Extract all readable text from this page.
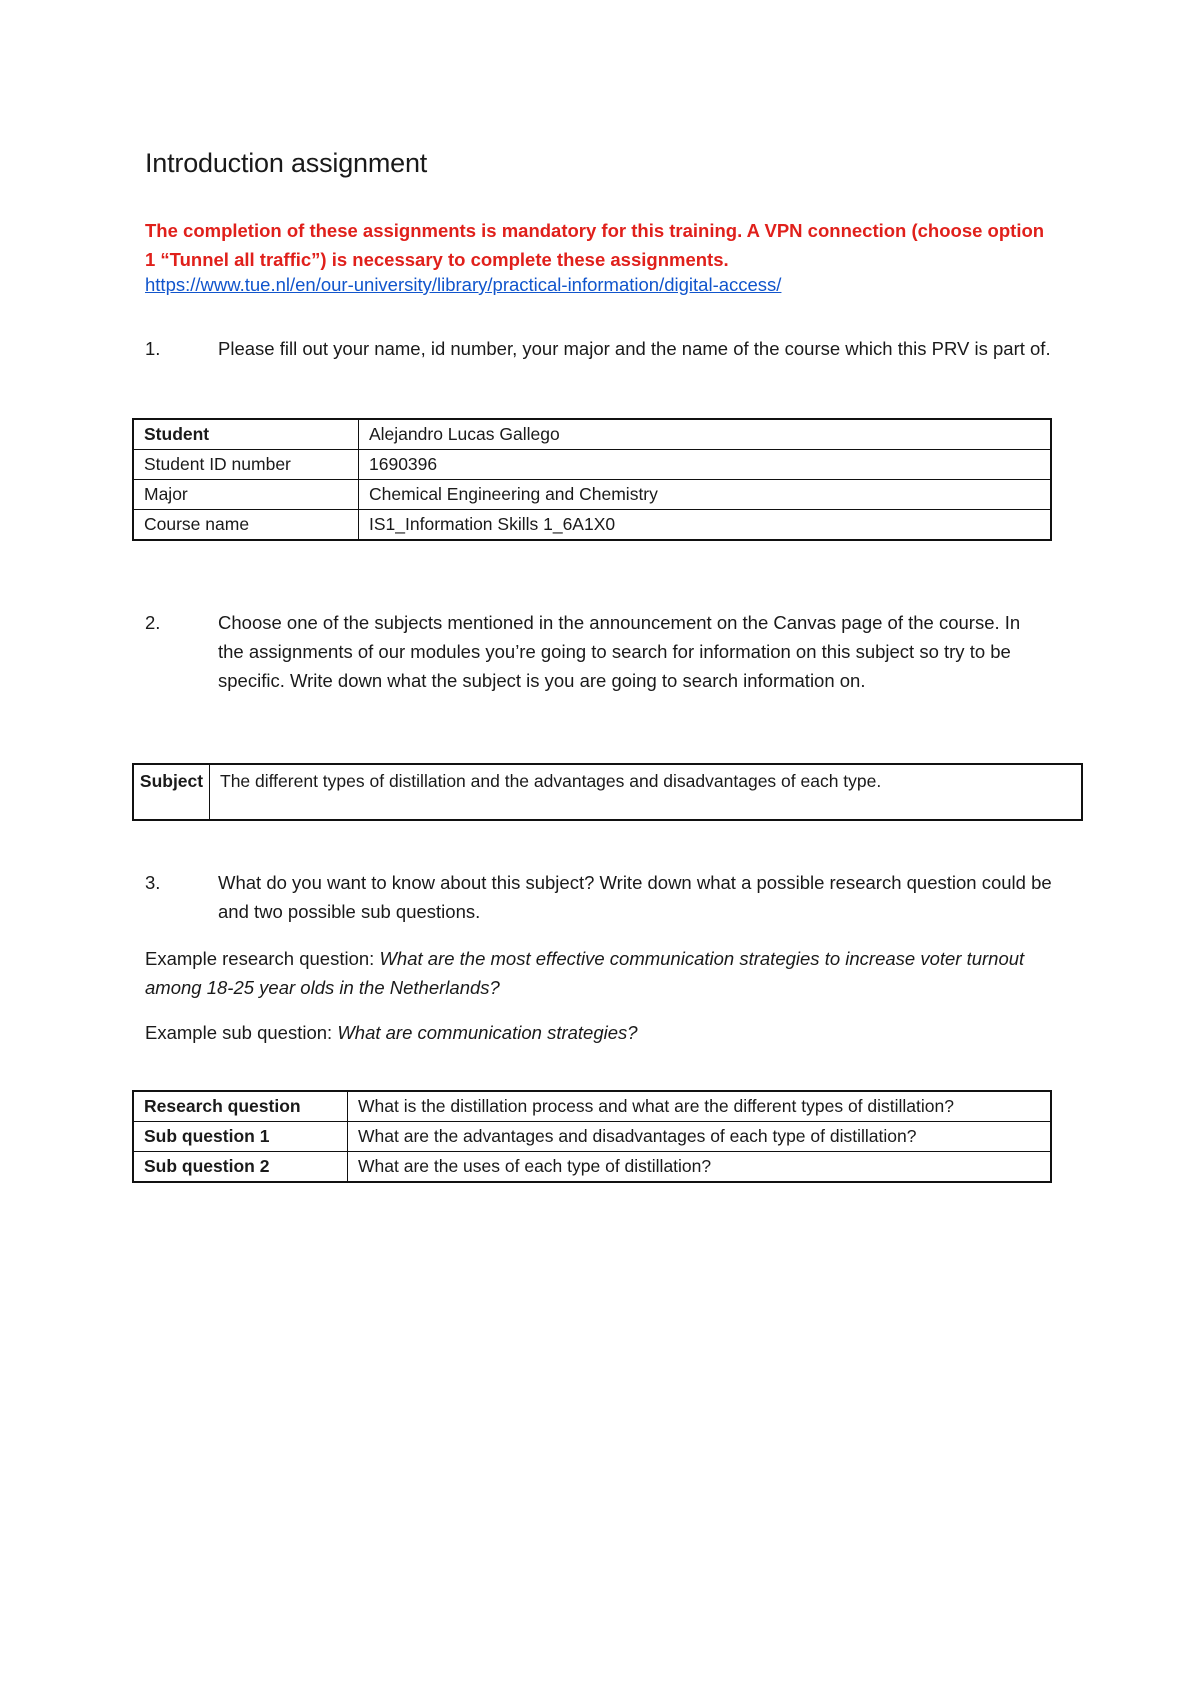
Introduction assignment

The completion of these assignments is mandatory for this training. A VPN connection (choose option 1 “Tunnel all traffic”) is necessary to complete these assignments.

https://www.tue.nl/en/our-university/library/practical-information/digital-access/
1.	Please fill out your name, id number, your major and the name of the course which this PRV is part of.
Student	Alejandro Lucas Gallego
Student ID number	1690396
Major	Chemical Engineering and Chemistry
Course name	IS1_Information Skills 1_6A1X0
2.	Choose one of the subjects mentioned in the announcement on the Canvas page of the course. In the assignments of our modules you’re going to search for information on this subject so try to be specific. Write down what the subject is you are going to search information on.
Subject	The different types of distillation and the advantages and disadvantages of each type.
3.	What do you want to know about this subject? Write down what a possible research question could be and two possible sub questions.

Example research question: What are the most effective communication strategies to increase voter turnout among 18-25 year olds in the Netherlands?

Example sub question: What are communication strategies?

Research question	What is the distillation process and what are the different types of distillation?
Sub question 1	What are the advantages and disadvantages of each type of distillation?
Sub question 2	What are the uses of each type of distillation?
